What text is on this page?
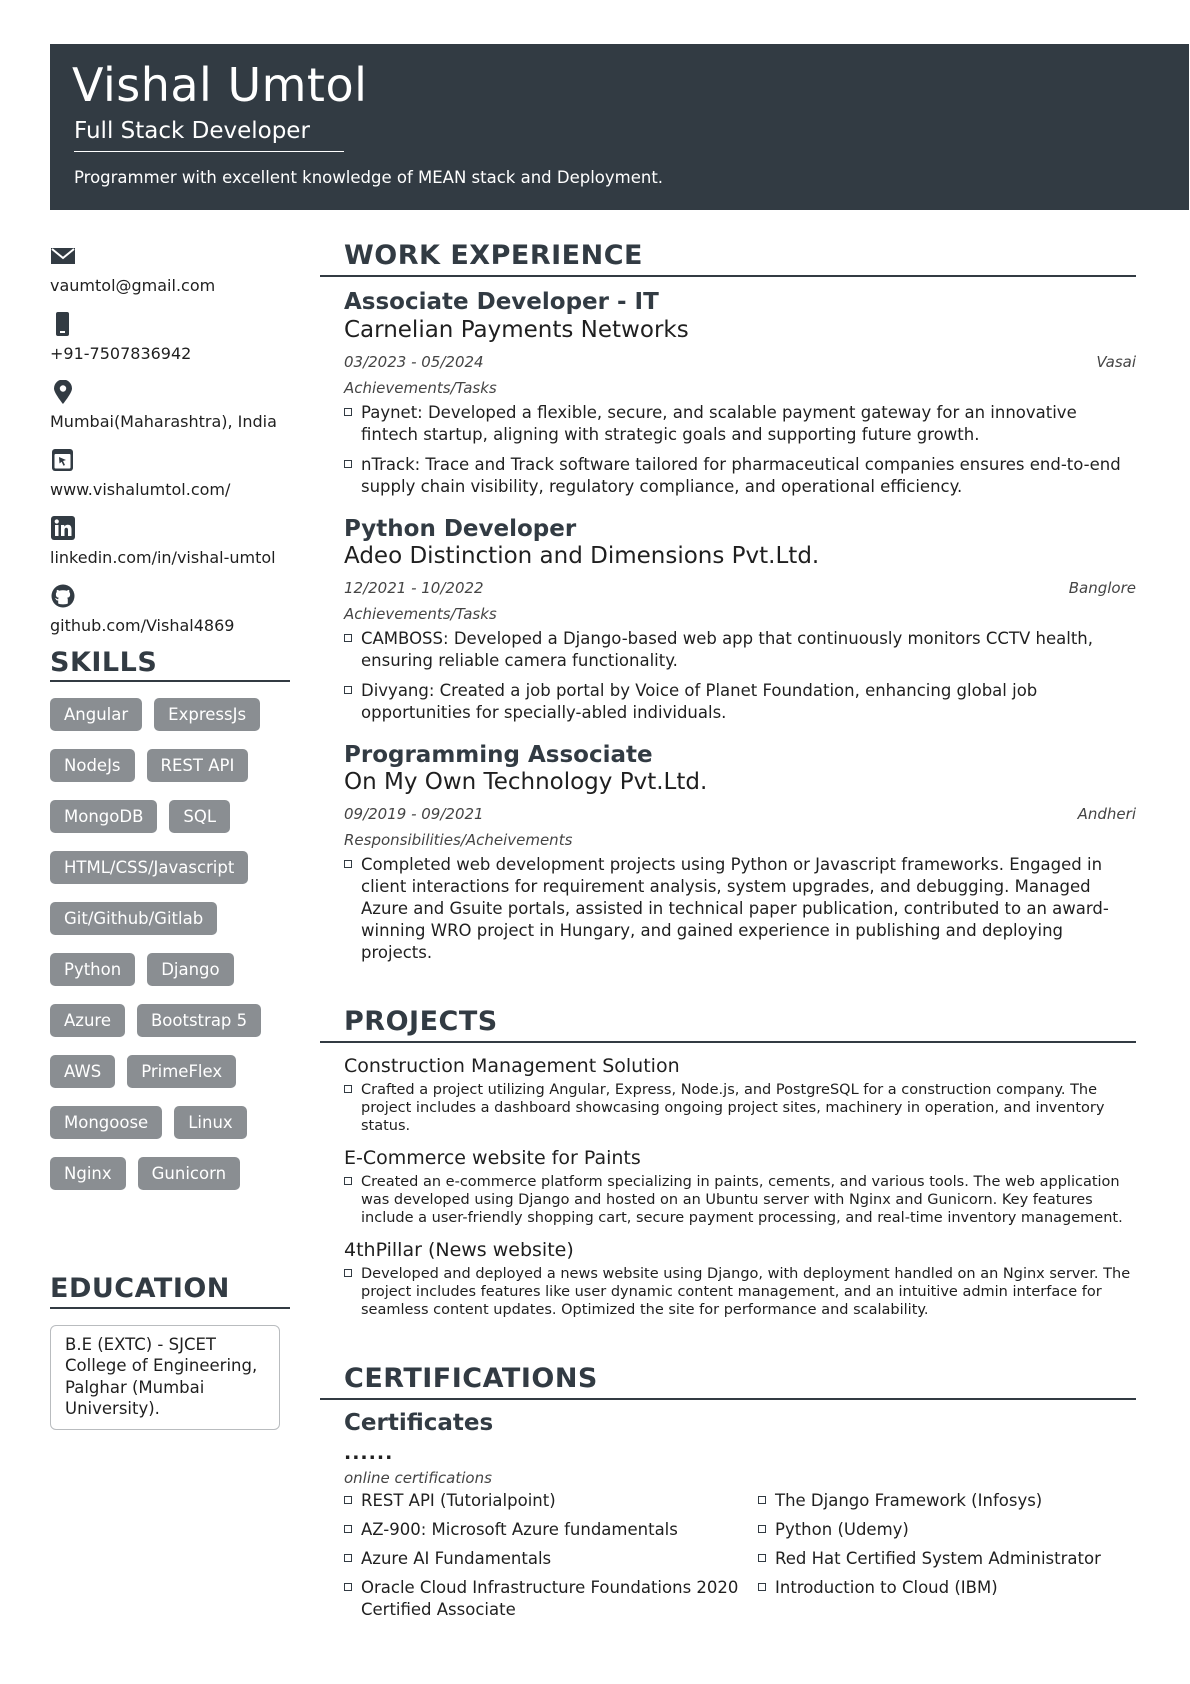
Vishal Umtol
Full Stack Developer
Programmer with excellent knowledge of MEAN stack and Deployment.
vaumtol@gmail.com
+91-7507836942
Mumbai(Maharashtra), India
www.vishalumtol.com/
linkedin.com/in/vishal-umtol
github.com/Vishal4869
SKILLS
Angular	ExpressJs
NodeJs	REST API
MongoDB	SQL
HTML/CSS/Javascript
Git/Github/Gitlab
Python	Django
Azure	Bootstrap 5
AWS	PrimeFlex
Mongoose	Linux
Nginx	Gunicorn
EDUCATION
B.E (EXTC) - SJCET College of Engineering, Palghar (Mumbai University).
WORK EXPERIENCE
Associate Developer - IT
Carnelian Payments Networks
03/2023 - 05/2024	Vasai
Achievements/Tasks
Paynet: Developed a flexible, secure, and scalable payment gateway for an innovative fintech startup, aligning with strategic goals and supporting future growth.
nTrack: Trace and Track software tailored for pharmaceutical companies ensures end-to-end supply chain visibility, regulatory compliance, and operational efficiency.
Python Developer
Adeo Distinction and Dimensions Pvt.Ltd.
12/2021 - 10/2022	Banglore
Achievements/Tasks
CAMBOSS: Developed a Django-based web app that continuously monitors CCTV health, ensuring reliable camera functionality.
Divyang: Created a job portal by Voice of Planet Foundation, enhancing global job opportunities for specially-abled individuals.
Programming Associate
On My Own Technology Pvt.Ltd.
09/2019 - 09/2021	Andheri
Responsibilities/Acheivements
Completed web development projects using Python or Javascript frameworks. Engaged in client interactions for requirement analysis, system upgrades, and debugging. Managed Azure and Gsuite portals, assisted in technical paper publication, contributed to an award-winning WRO project in Hungary, and gained experience in publishing and deploying projects.
PROJECTS
Construction Management Solution
Crafted a project utilizing Angular, Express, Node.js, and PostgreSQL for a construction company. The project includes a dashboard showcasing ongoing project sites, machinery in operation, and inventory status.
E-Commerce website for Paints
Created an e-commerce platform specializing in paints, cements, and various tools. The web application was developed using Django and hosted on an Ubuntu server with Nginx and Gunicorn. Key features include a user-friendly shopping cart, secure payment processing, and real-time inventory management.
4thPillar (News website)
Developed and deployed a news website using Django, with deployment handled on an Nginx server. The project includes features like user dynamic content management, and an intuitive admin interface for seamless content updates. Optimized the site for performance and scalability.
CERTIFICATIONS
Certificates
......
online certifications
REST API (Tutorialpoint)
AZ-900: Microsoft Azure fundamentals
Azure AI Fundamentals
Oracle Cloud Infrastructure Foundations 2020 Certified Associate
The Django Framework (Infosys)
Python (Udemy)
Red Hat Certified System Administrator
Introduction to Cloud (IBM)
